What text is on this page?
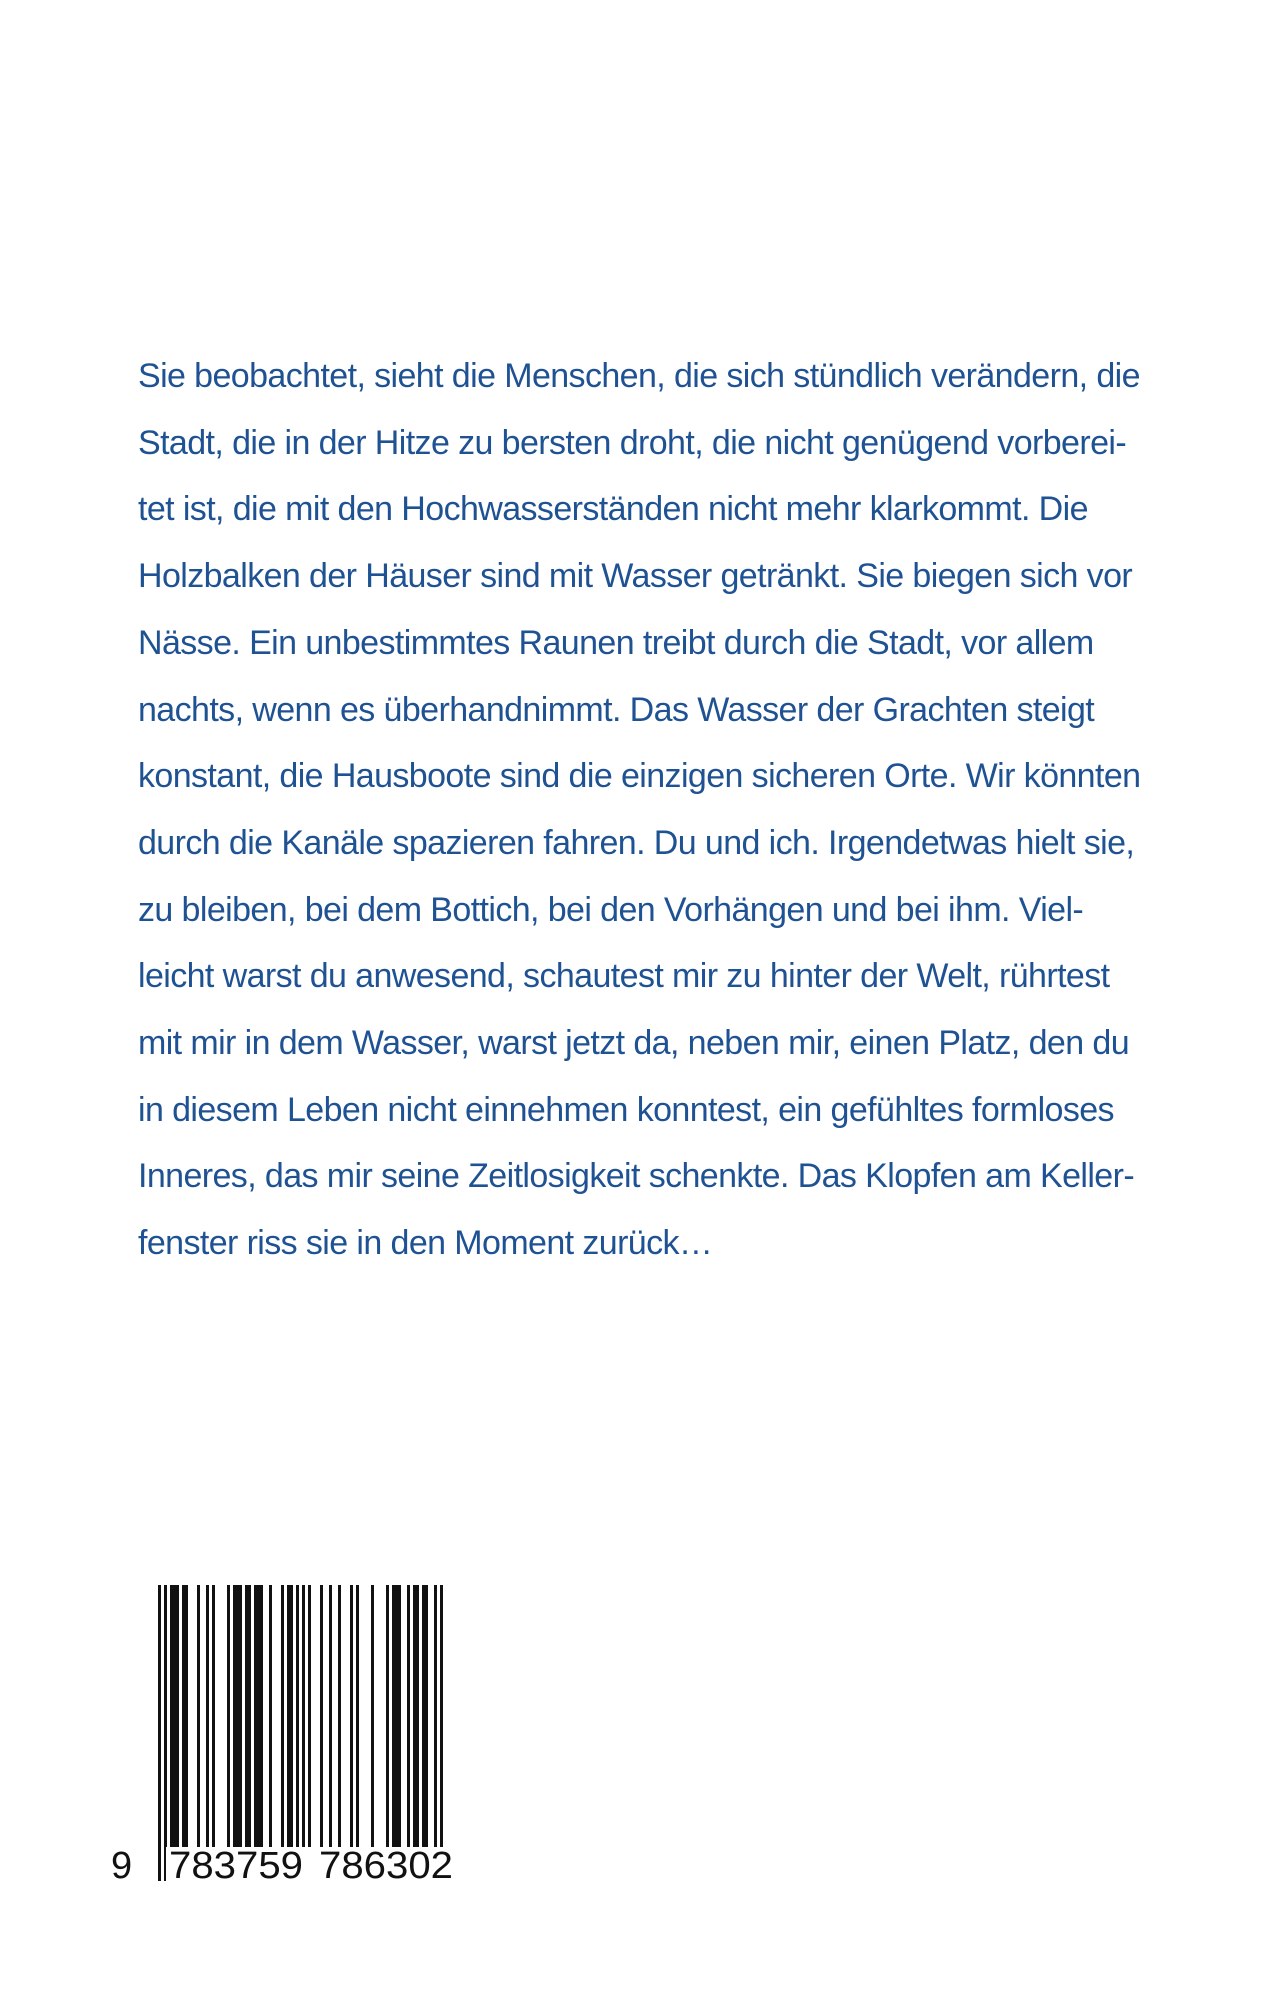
Sie beobachtet, sieht die Menschen, die sich stündlich verändern, die
Stadt, die in der Hitze zu bersten droht, die nicht genügend vorberei-
tet ist, die mit den Hochwasserständen nicht mehr klarkommt. Die
Holzbalken der Häuser sind mit Wasser getränkt. Sie biegen sich vor
Nässe. Ein unbestimmtes Raunen treibt durch die Stadt, vor allem
nachts, wenn es überhandnimmt. Das Wasser der Grachten steigt
konstant, die Hausboote sind die einzigen sicheren Orte. Wir könnten
durch die Kanäle spazieren fahren. Du und ich. Irgendetwas hielt sie,
zu bleiben, bei dem Bottich, bei den Vorhängen und bei ihm. Viel-
leicht warst du anwesend, schautest mir zu hinter der Welt, rührtest
mit mir in dem Wasser, warst jetzt da, neben mir, einen Platz, den du
in diesem Leben nicht einnehmen konntest, ein gefühltes formloses
Inneres, das mir seine Zeitlosigkeit schenkte. Das Klopfen am Keller-
fenster riss sie in den Moment zurück…
9 783759 786302
